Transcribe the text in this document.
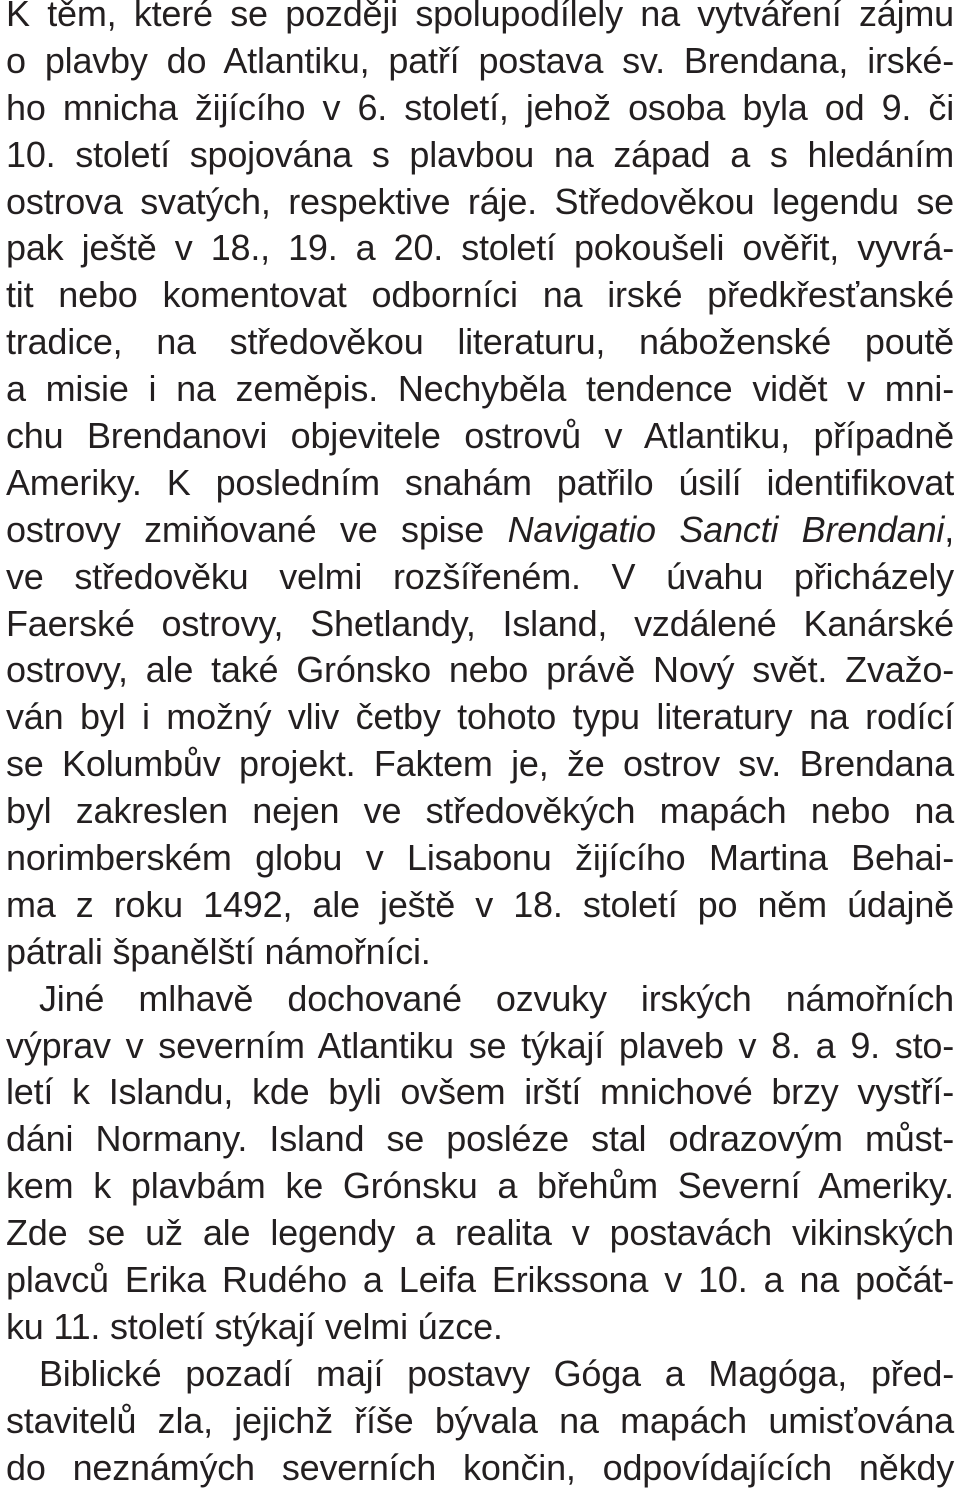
K těm, které se později spolupodílely na vytváření zájmu
o plavby do Atlantiku, patří postava sv. Brendana, irské-
ho mnicha žijícího v 6. století, jehož osoba byla od 9. či
10. století spojována s plavbou na západ a s hledáním
ostrova svatých, respektive ráje. Středověkou legendu se
pak ještě v 18., 19. a 20. století pokoušeli ověřit, vyvrá-
tit nebo komentovat odborníci na irské předkřesťanské
tradice, na středověkou literaturu, náboženské poutě
a misie i na zeměpis. Nechyběla tendence vidět v mni-
chu Brendanovi objevitele ostrovů v Atlantiku, případně
Ameriky. K posledním snahám patřilo úsilí identifikovat
ostrovy zmiňované ve spise Navigatio Sancti Brendani,
ve středověku velmi rozšířeném. V úvahu přicházely
Faerské ostrovy, Shetlandy, Island, vzdálené Kanárské
ostrovy, ale také Grónsko nebo právě Nový svět. Zvažo-
ván byl i možný vliv četby tohoto typu literatury na rodící
se Kolumbův projekt. Faktem je, že ostrov sv. Brendana
byl zakreslen nejen ve středověkých mapách nebo na
norimberském globu v Lisabonu žijícího Martina Behai-
ma z roku 1492, ale ještě v 18. století po něm údajně
pátrali španělští námořníci.
Jiné mlhavě dochované ozvuky irských námořních
výprav v severním Atlantiku se týkají plaveb v 8. a 9. sto-
letí k Islandu, kde byli ovšem irští mnichové brzy vystří-
dáni Normany. Island se posléze stal odrazovým můst-
kem k plavbám ke Grónsku a břehům Severní Ameriky.
Zde se už ale legendy a realita v postavách vikinských
plavců Erika Rudého a Leifa Erikssona v 10. a na počát-
ku 11. století stýkají velmi úzce.
Biblické pozadí mají postavy Góga a Magóga, před-
stavitelů zla, jejichž říše bývala na mapách umisťována
do neznámých severních končin, odpovídajících někdy
